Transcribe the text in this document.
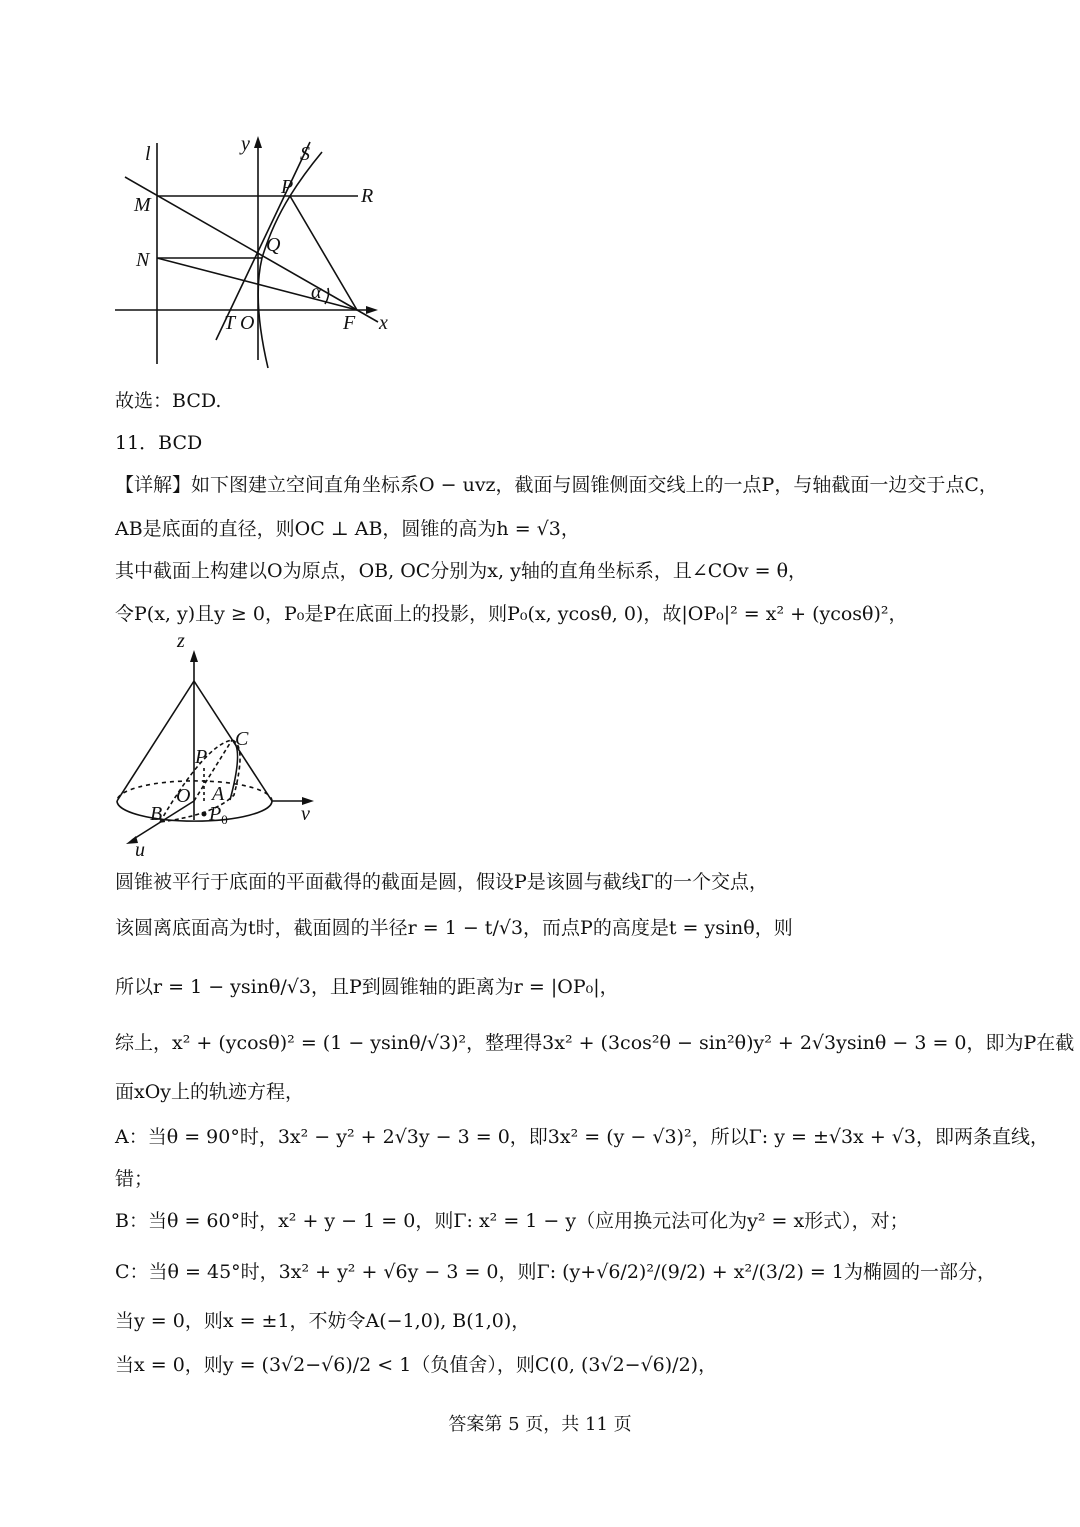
l	y	S
P	R
M
Q
N
α
T O	F x
故选：BCD.
11．BCD
【详解】如下图建立空间直角坐标系O − uvz，截面与圆锥侧面交线上的一点P，与轴截面一边交于点C，
AB是底面的直径，则OC ⊥ AB，圆锥的高为h = √3，
其中截面上构建以O为原点，OB, OC分别为x, y轴的直角坐标系，且∠COv = θ，
令P(x, y)且y ≥ 0，P₀是P在底面上的投影，则P₀(x, ycosθ, 0)，故|OP₀|² = x² + (ycosθ)²，
z
C
P
O A
B $P_0$	v
u
圆锥被平行于底面的平面截得的截面是圆，假设P是该圆与截线Γ的一个交点，
该圆离底面高为t时，截面圆的半径r = 1 − t/√3，而点P的高度是t = ysinθ，则
所以r = 1 − ysinθ/√3，且P到圆锥轴的距离为r = |OP₀|，
综上，x² + (ycosθ)² = (1 − ysinθ/√3)²，整理得3x² + (3cos²θ − sin²θ)y² + 2√3ysinθ − 3 = 0，即为P在截
面xOy上的轨迹方程，
A：当θ = 90°时，3x² − y² + 2√3y − 3 = 0，即3x² = (y − √3)²，所以Γ: y = ±√3x + √3，即两条直线，
错；
B：当θ = 60°时，x² + y − 1 = 0，则Γ: x² = 1 − y（应用换元法可化为y² = x形式），对；
C：当θ = 45°时，3x² + y² + √6y − 3 = 0，则Γ: (y+√6/2)²/(9/2) + x²/(3/2) = 1为椭圆的一部分，
当y = 0，则x = ±1，不妨令A(−1,0), B(1,0)，
当x = 0，则y = (3√2−√6)/2 < 1（负值舍），则C(0, (3√2−√6)/2)，
答案第 5 页，共 11 页
